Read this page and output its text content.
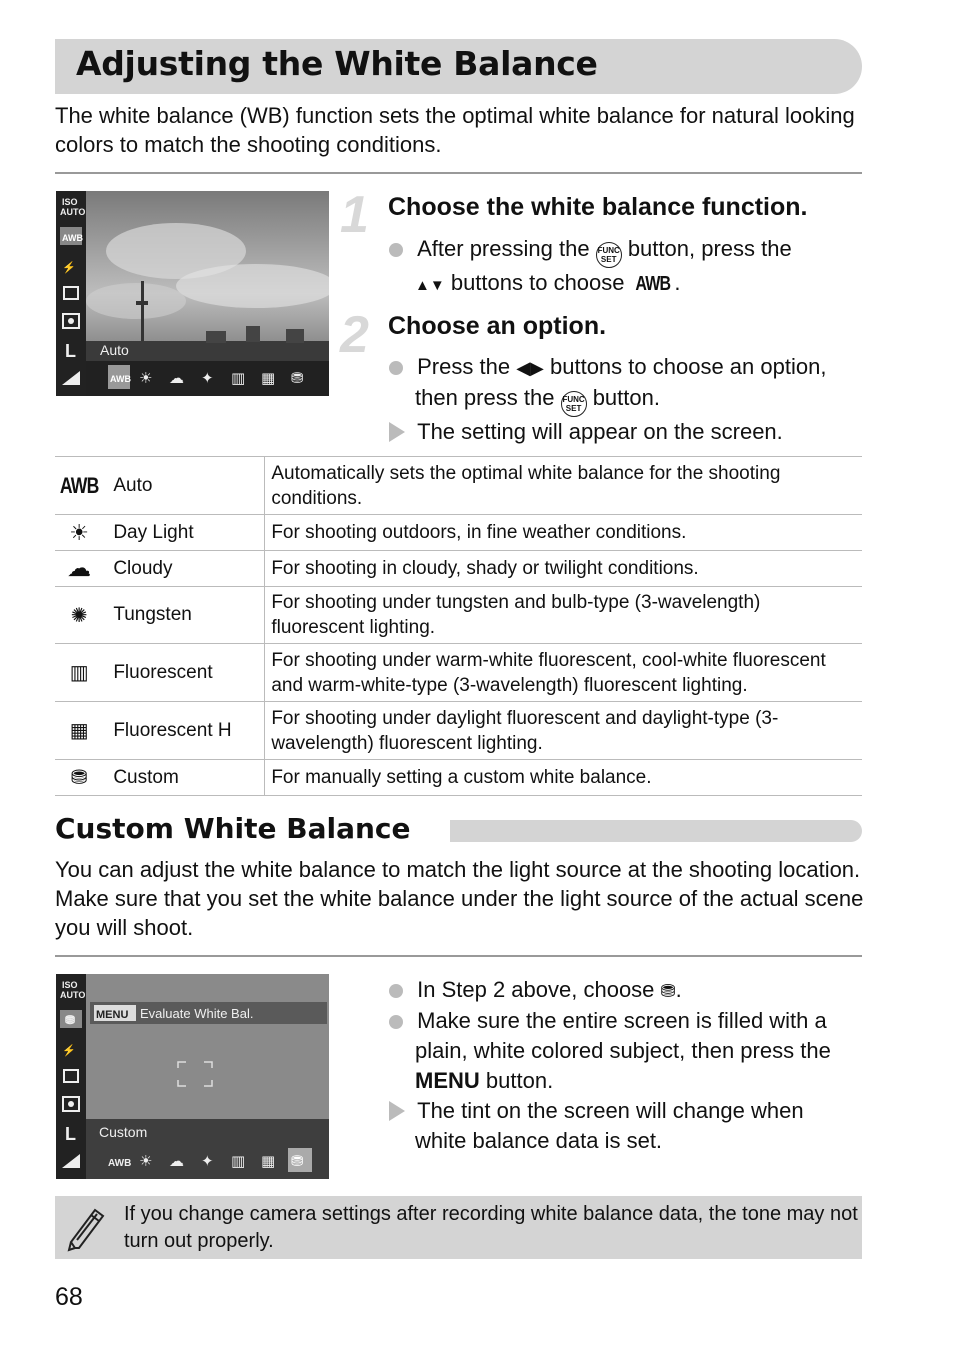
Adjusting the White Balance
The white balance (WB) function sets the optimal white balance for natural looking colors to match the shooting conditions.
ISO
AUTO
AWB
⚡
L Auto
AWB ☀ ☁ ✦ ▥ ▦ ⛃
1 Choose the white balance function.
After pressing the FUNC
SET button, press the
▲▼ buttons to choose AWB .
2 Choose an option.
Press the ◀▶ buttons to choose an option,
then press the FUNC
SET button.
The setting will appear on the screen.
AWB	Auto	Automatically sets the optimal white balance for the shooting conditions.
☀	Day Light	For shooting outdoors, in fine weather conditions.
☁	Cloudy	For shooting in cloudy, shady or twilight conditions.
✺	Tungsten	For shooting under tungsten and bulb-type (3-wavelength) fluorescent lighting.
▥	Fluorescent	For shooting under warm-white fluorescent, cool-white fluorescent and warm-white-type (3-wavelength) fluorescent lighting.
▦	Fluorescent H	For shooting under daylight fluorescent and daylight-type (3-wavelength) fluorescent lighting.
⛃	Custom	For manually setting a custom white balance.
Custom White Balance
You can adjust the white balance to match the light source at the shooting location. Make sure that you set the white balance under the light source of the actual scene you will shoot.
ISO
AUTO
⛃
⚡
L
MENU Evaluate White Bal.
Custom
AWB ☀ ☁ ✦ ▥ ▦ ⛃
In Step 2 above, choose ⛃.
Make sure the entire screen is filled with a
plain, white colored subject, then press the
MENU button.
The tint on the screen will change when
white balance data is set.
If you change camera settings after recording white balance data, the tone may not turn out properly.
68
